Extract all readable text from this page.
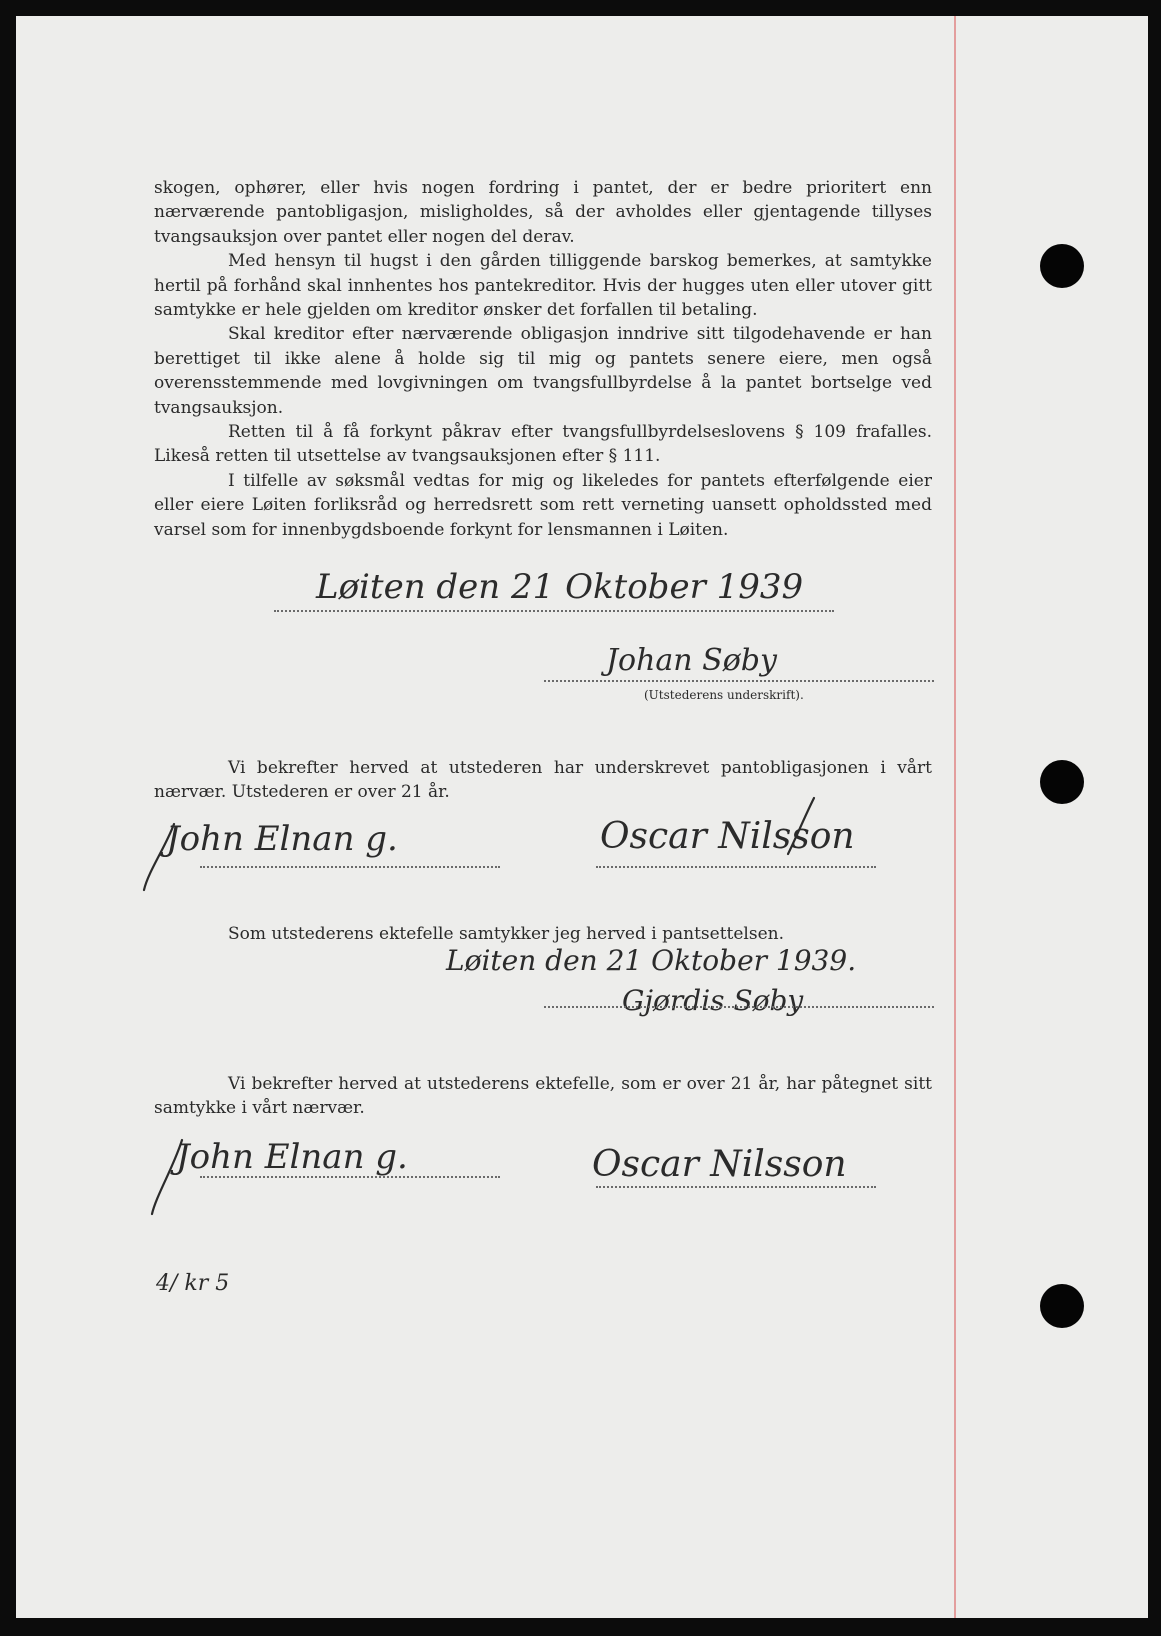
skogen, ophører, eller hvis nogen fordring i pantet, der er bedre prioritert enn nærværende pantobligasjon, misligholdes, så der avholdes eller gjentagende tillyses tvangsauksjon over pantet eller nogen del derav.

Med hensyn til hugst i den gården tilliggende barskog bemerkes, at samtykke hertil på forhånd skal innhentes hos pantekreditor. Hvis der hugges uten eller utover gitt samtykke er hele gjelden om kreditor ønsker det forfallen til betaling.

Skal kreditor efter nærværende obligasjon inndrive sitt tilgodehavende er han berettiget til ikke alene å holde sig til mig og pantets senere eiere, men også overensstemmende med lovgivningen om tvangsfullbyrdelse å la pantet bortselge ved tvangsauksjon.

Retten til å få forkynt påkrav efter tvangsfullbyrdelseslovens § 109 frafalles. Likeså retten til utsettelse av tvangsauksjonen efter § 111.

I tilfelle av søksmål vedtas for mig og likeledes for pantets efterfølgende eier eller eiere Løiten forliksråd og herredsrett som rett verneting uansett opholdssted med varsel som for innenbygdsboende forkynt for lensmannen i Løiten.

Løiten den 21 Oktober 1939
Johan Søby
(Utstederens underskrift).

Vi bekrefter herved at utstederen har underskrevet pantobligasjonen i vårt nærvær. Utstederen er over 21 år.

John Elnan g.	Oscar Nilsson
Som utstederens ektefelle samtykker jeg herved i pantsettelsen.
Løiten den 21 Oktober 1939.
Gjørdis Søby

Vi bekrefter herved at utstederens ektefelle, som er over 21 år, har påtegnet sitt samtykke i vårt nærvær.

John Elnan g.	Oscar Nilsson
4/ kr 5
